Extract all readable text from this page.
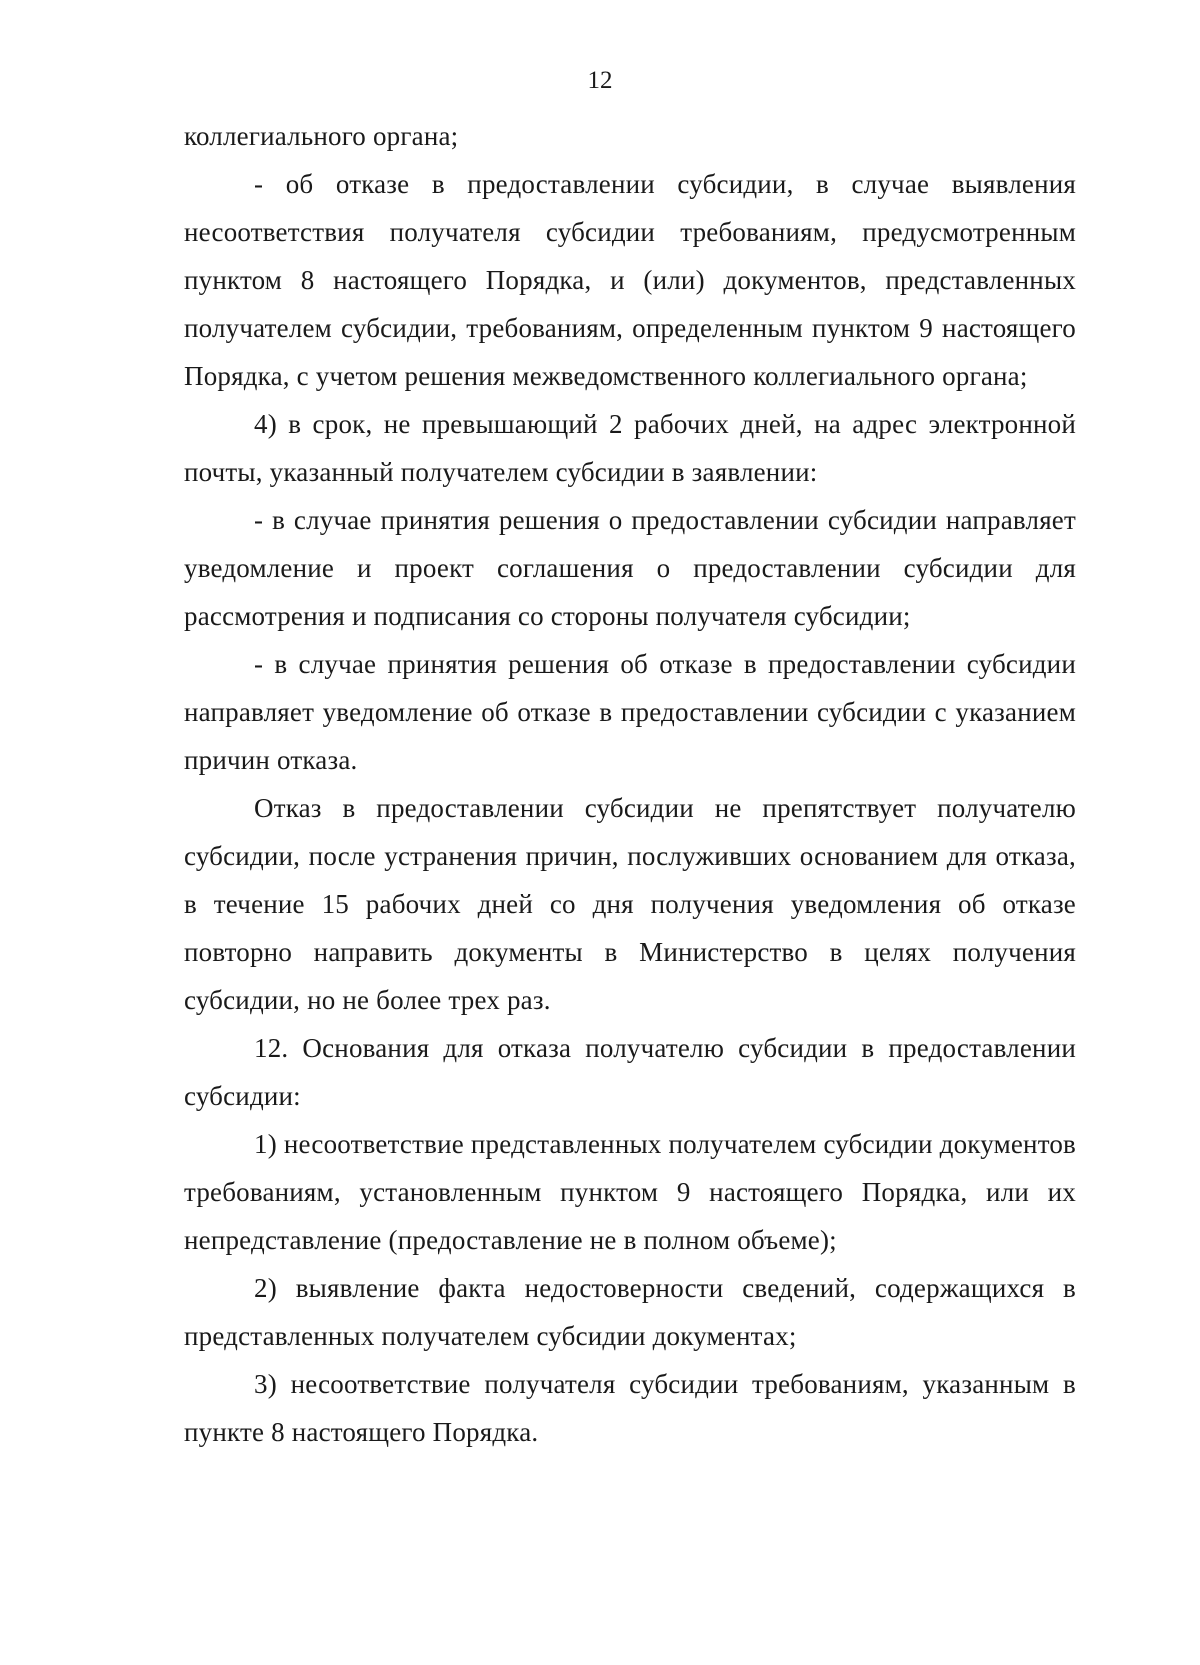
12

коллегиального органа;

- об отказе в предоставлении субсидии, в случае выявления несоответствия получателя субсидии требованиям, предусмотренным пунктом 8 настоящего Порядка, и (или) документов, представленных получателем субсидии, требованиям, определенным пунктом 9 настоящего Порядка, с учетом решения межведомственного коллегиального органа;

4) в срок, не превышающий 2 рабочих дней, на адрес электронной почты, указанный получателем субсидии в заявлении:

- в случае принятия решения о предоставлении субсидии направляет уведомление и проект соглашения о предоставлении субсидии для рассмотрения и подписания со стороны получателя субсидии;

- в случае принятия решения об отказе в предоставлении субсидии направляет уведомление об отказе в предоставлении субсидии с указанием причин отказа.

Отказ в предоставлении субсидии не препятствует получателю субсидии, после устранения причин, послуживших основанием для отказа, в течение 15 рабочих дней со дня получения уведомления об отказе повторно направить документы в Министерство в целях получения субсидии, но не более трех раз.

12. Основания для отказа получателю субсидии в предоставлении субсидии:

1) несоответствие представленных получателем субсидии документов требованиям, установленным пунктом 9 настоящего Порядка, или их непредставление (предоставление не в полном объеме);

2) выявление факта недостоверности сведений, содержащихся в представленных получателем субсидии документах;

3) несоответствие получателя субсидии требованиям, указанным в пункте 8 настоящего Порядка.
